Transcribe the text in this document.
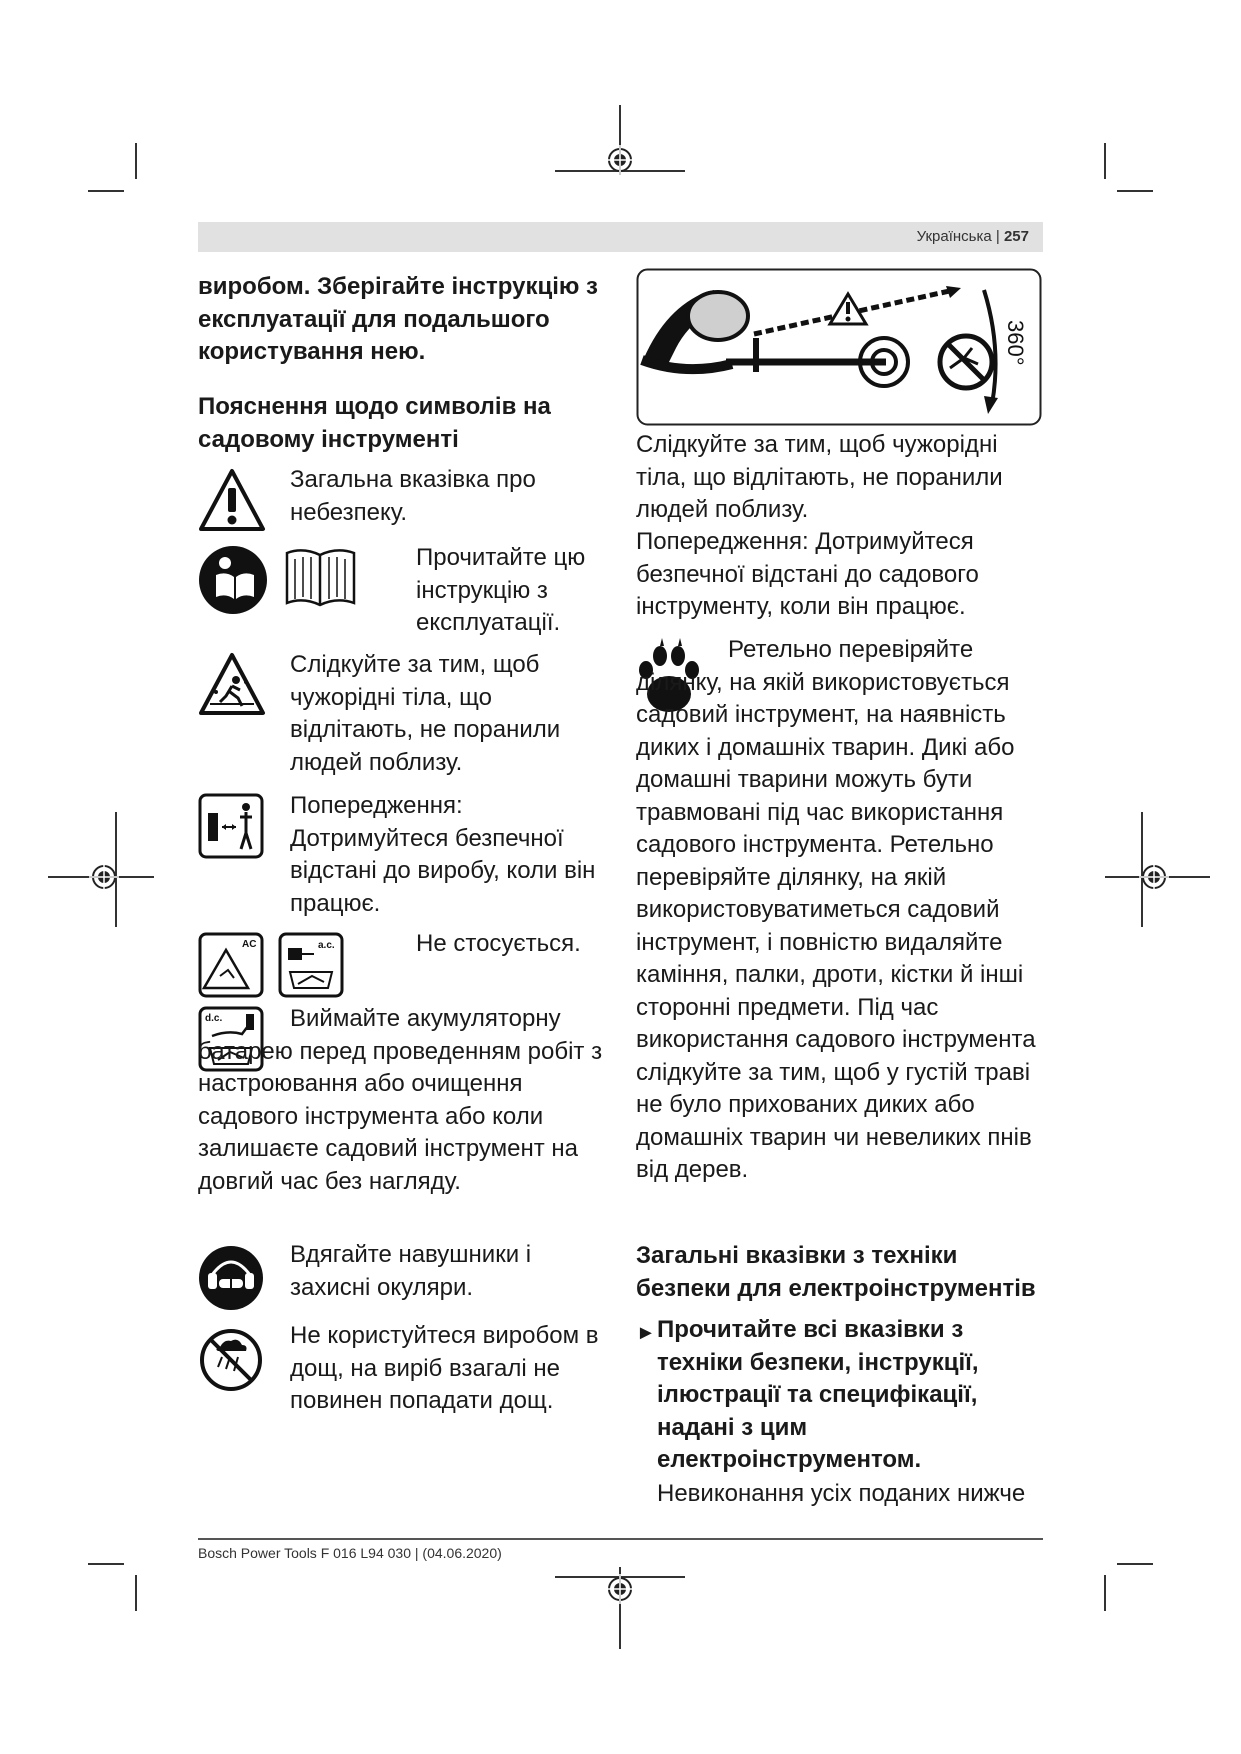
Українська | 257
виробом. Зберігайте інструкцію з експлуатації для подальшого користування нею.
Пояснення щодо символів на садовому інструменті
Загальна вказівка про небезпеку.
Прочитайте цю інструкцію з експлуатації.
Слідкуйте за тим, щоб чужорідні тіла, що відлітають, не поранили людей поблизу.
Попередження: Дотримуйтеся безпечної відстані до виробу, коли він працює.
AC	a.c.	Не стосується.
d.c.	Виймайте акумуляторну батарею перед проведенням робіт з настроювання або очищення садового інструмента або коли залишаєте садовий інструмент на довгий час без нагляду.
Вдягайте навушники і захисні окуляри.
Не користуйтеся виробом в дощ, на виріб взагалі не повинен попадати дощ.
360°
Слідкуйте за тим, щоб чужорідні тіла, що відлітають, не поранили людей поблизу.
Попередження: Дотримуйтеся безпечної відстані до садового інструменту, коли він працює.
Ретельно перевіряйте ділянку, на якій використовується садовий інструмент, на наявність диких і домашніх тварин. Дикі або домашні тварини можуть бути травмовані під час використання садового інструмента. Ретельно перевіряйте ділянку, на якій використовуватиметься садовий інструмент, і повністю видаляйте каміння, палки, дроти, кістки й інші сторонні предмети. Під час використання садового інструмента слідкуйте за тим, щоб у густій траві не було прихованих диких або домашніх тварин чи невеликих пнів від дерев.
Загальні вказівки з техніки безпеки для електроінструментів
► Прочитайте всі вказівки з техніки безпеки, інструкції, ілюстрації та специфікації, надані з цим електроінструментом.
Невиконання усіх поданих нижче
Bosch Power Tools F 016 L94 030 | (04.06.2020)
